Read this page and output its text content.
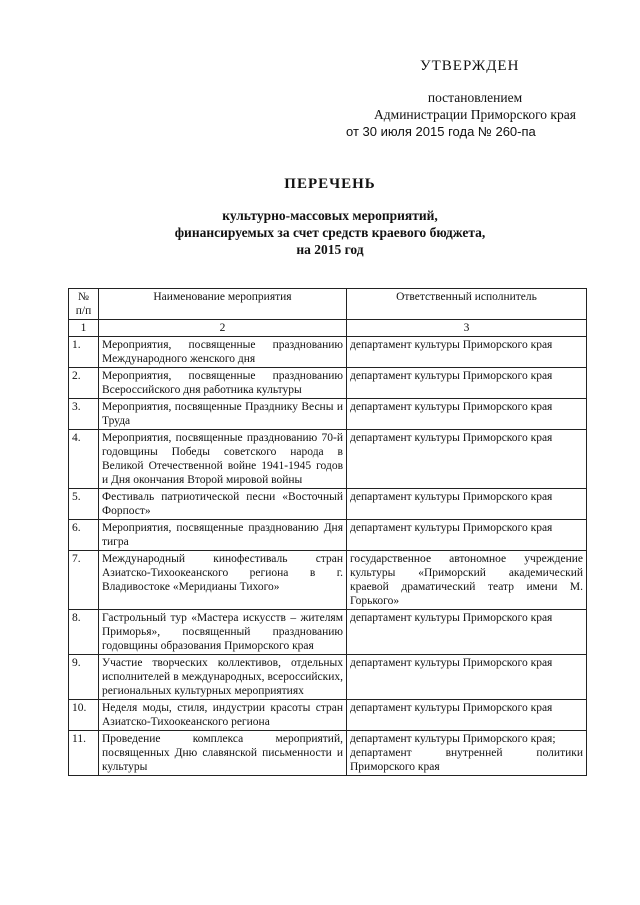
УТВЕРЖДЕН
постановлением
Администрации Приморского края
от 30 июля 2015 года № 260-па
ПЕРЕЧЕНЬ
культурно-массовых мероприятий,
финансируемых за счет средств краевого бюджета,
на 2015 год
№ п/п	Наименование мероприятия	Ответственный исполнитель
1	2	3
1.	Мероприятия, посвященные празднованию Международного женского дня	департамент культуры Приморского края
2.	Мероприятия, посвященные празднованию Всероссийского дня работника культуры	департамент культуры Приморского края
3.	Мероприятия, посвященные Празднику Весны и Труда	департамент культуры Приморского края
4.	Мероприятия, посвященные празднованию 70-й годовщины Победы советского народа в Великой Отечественной войне 1941-1945 годов и Дня окончания Второй мировой войны	департамент культуры Приморского края
5.	Фестиваль патриотической песни «Восточный Форпост»	департамент культуры Приморского края
6.	Мероприятия, посвященные празднованию Дня тигра	департамент культуры Приморского края
7.	Международный кинофестиваль стран Азиатско-Тихоокеанского региона в г. Владивостоке «Меридианы Тихого»	государственное автономное учреждение культуры «Приморский академический краевой драматический театр имени М. Горького»
8.	Гастрольный тур «Мастера искусств – жителям Приморья», посвященный празднованию годовщины образования Приморского края	департамент культуры Приморского края
9.	Участие творческих коллективов, отдельных исполнителей в международных, всероссийских, региональных культурных мероприятиях	департамент культуры Приморского края
10.	Неделя моды, стиля, индустрии красоты стран Азиатско-Тихоокеанского региона	департамент культуры Приморского края
11.	Проведение комплекса мероприятий, посвященных Дню славянской письменности и культуры	департамент культуры Приморского края;
департамент внутренней политики Приморского края
